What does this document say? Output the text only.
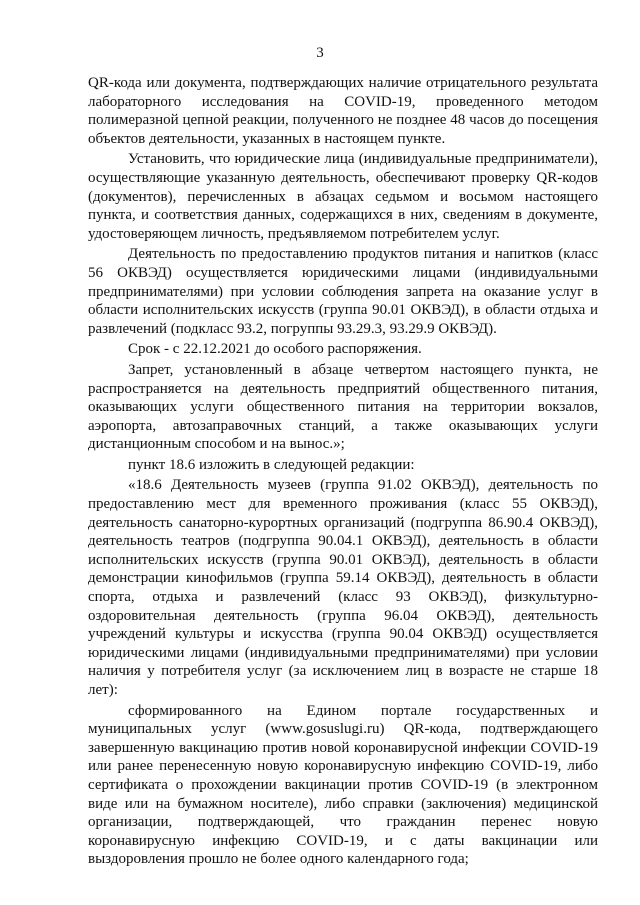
3

QR-кода или документа, подтверждающих наличие отрицательного результата лабораторного исследования на COVID-19, проведенного методом полимеразной цепной реакции, полученного не позднее 48 часов до посещения объектов деятельности, указанных в настоящем пункте.

Установить, что юридические лица (индивидуальные предприниматели), осуществляющие указанную деятельность, обеспечивают проверку QR-кодов (документов), перечисленных в абзацах седьмом и восьмом настоящего пункта, и соответствия данных, содержащихся в них, сведениям в документе, удостоверяющем личность, предъявляемом потребителем услуг.

Деятельность по предоставлению продуктов питания и напитков (класс 56 ОКВЭД) осуществляется юридическими лицами (индивидуальными предпринимателями) при условии соблюдения запрета на оказание услуг в области исполнительских искусств (группа 90.01 ОКВЭД), в области отдыха и развлечений (подкласс 93.2, погруппы 93.29.3, 93.29.9 ОКВЭД).

Срок - с 22.12.2021 до особого распоряжения.

Запрет, установленный в абзаце четвертом настоящего пункта, не распространяется на деятельность предприятий общественного питания, оказывающих услуги общественного питания на территории вокзалов, аэропорта, автозаправочных станций, а также оказывающих услуги дистанционным способом и на вынос.»;

пункт 18.6 изложить в следующей редакции:

«18.6 Деятельность музеев (группа 91.02 ОКВЭД), деятельность по предоставлению мест для временного проживания (класс 55 ОКВЭД), деятельность санаторно-курортных организаций (подгруппа 86.90.4 ОКВЭД), деятельность театров (подгруппа 90.04.1 ОКВЭД), деятельность в области исполнительских искусств (группа 90.01 ОКВЭД), деятельность в области демонстрации кинофильмов (группа 59.14 ОКВЭД), деятельность в области спорта, отдыха и развлечений (класс 93 ОКВЭД), физкультурно-оздоровительная деятельность (группа 96.04 ОКВЭД), деятельность учреждений культуры и искусства (группа 90.04 ОКВЭД) осуществляется юридическими лицами (индивидуальными предпринимателями) при условии наличия у потребителя услуг (за исключением лиц в возрасте не старше 18 лет):

сформированного на Едином портале государственных и муниципальных услуг (www.gosuslugi.ru) QR-кода, подтверждающего завершенную вакцинацию против новой коронавирусной инфекции COVID-19 или ранее перенесенную новую коронавирусную инфекцию COVID-19, либо сертификата о прохождении вакцинации против COVID-19 (в электронном виде или на бумажном носителе), либо справки (заключения) медицинской организации, подтверждающей, что гражданин перенес новую коронавирусную инфекцию COVID-19, и с даты вакцинации или выздоровления прошло не более одного календарного года;
